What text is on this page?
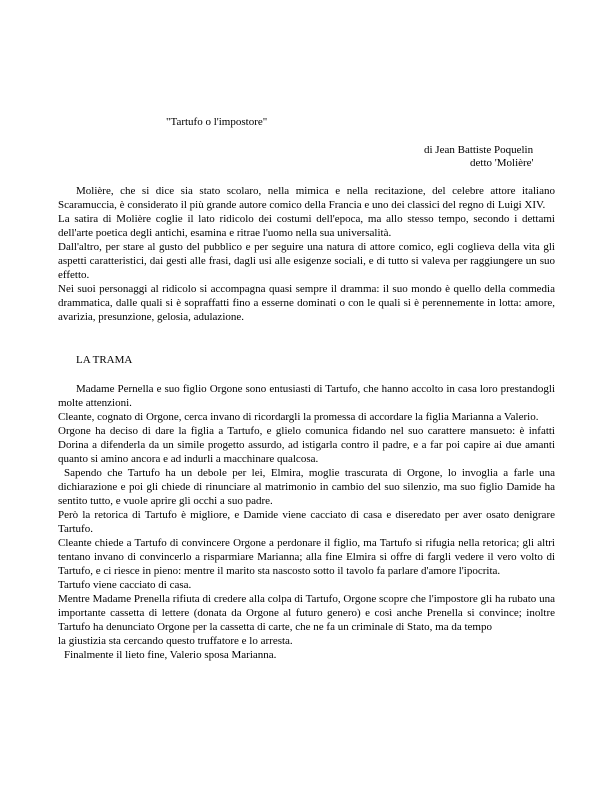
"Tartufo o l'impostore"
di Jean Battiste Poquelin
detto 'Molière'

Molière, che si dice sia stato scolaro, nella mimica e nella recitazione, del celebre attore italiano Scaramuccia, è considerato il più grande autore comico della Francia e uno dei classici del regno di Luigi XIV.

La satira di Molière coglie il lato ridicolo dei costumi dell'epoca, ma allo stesso tempo, secondo i dettami dell'arte poetica degli antichi, esamina e ritrae l'uomo nella sua universalità.

Dall'altro, per stare al gusto del pubblico e per seguire una natura di attore comico, egli coglieva della vita gli aspetti caratteristici, dai gesti alle frasi, dagli usi alle esigenze sociali, e di tutto si valeva per raggiungere un suo effetto.

Nei suoi personaggi al ridicolo si accompagna quasi sempre il dramma: il suo mondo è quello della commedia drammatica, dalle quali si è sopraffatti fino a esserne dominati o con le quali si è perennemente in lotta: amore, avarizia, presunzione, gelosia, adulazione.

LA TRAMA

Madame Pernella e suo figlio Orgone sono entusiasti di Tartufo, che hanno accolto in casa loro prestandogli molte attenzioni.

Cleante, cognato di Orgone, cerca invano di ricordargli la promessa di accordare la figlia Marianna a Valerio.

Orgone ha deciso di dare la figlia a Tartufo, e glielo comunica fidando nel suo carattere mansueto: è infatti Dorina a difenderla da un simile progetto assurdo, ad istigarla contro il padre, e a far poi capire ai due amanti quanto si amino ancora e ad indurli a macchinare qualcosa.

Sapendo che Tartufo ha un debole per lei, Elmira, moglie trascurata di Orgone, lo invoglia a farle una dichiarazione e poi gli chiede di rinunciare al matrimonio in cambio del suo silenzio, ma suo figlio Damide ha sentito tutto, e vuole aprire gli occhi a suo padre.

Però la retorica di Tartufo è migliore, e Damide viene cacciato di casa e diseredato per aver osato denigrare Tartufo.

Cleante chiede a Tartufo di convincere Orgone a perdonare il figlio, ma Tartufo si rifugia nella retorica; gli altri tentano invano di convincerlo a risparmiare Marianna; alla fine Elmira si offre di fargli vedere il vero volto di Tartufo, e ci riesce in pieno: mentre il marito sta nascosto sotto il tavolo fa parlare d'amore l'ipocrita.

Tartufo viene cacciato di casa.

Mentre Madame Prenella rifiuta di credere alla colpa di Tartufo, Orgone scopre che l'impostore gli ha rubato una importante cassetta di lettere (donata da Orgone al futuro genero) e così anche Prenella si convince; inoltre Tartufo ha denunciato Orgone per la cassetta di carte, che ne fa un criminale di Stato, ma da tempo

la giustizia sta cercando questo truffatore e lo arresta.

Finalmente il lieto fine, Valerio sposa Marianna.
